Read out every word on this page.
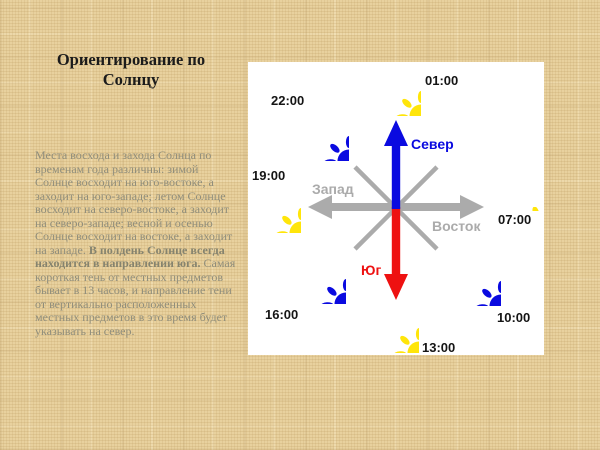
Ориентирование по Солнцу
Места восхода и захода Солнца по временам года различны: зимой Солнце восходит на юго-востоке, а заходит на юго-западе; летом Солнце восходит на северо-востоке, а заходит на северо-западе; весной и осенью Солнце восходит на востоке, а заходит на западе. В полдень Солнце всегда находится в направлении юга. Самая короткая тень от местных предметов бывает в 13 часов, и направление тени от вертикально расположенных местных предметов в это время будет указывать на север.
01:00
22:00
19:00
16:00
13:00
10:00
07:00
Север
Запад
Восток
Юг
